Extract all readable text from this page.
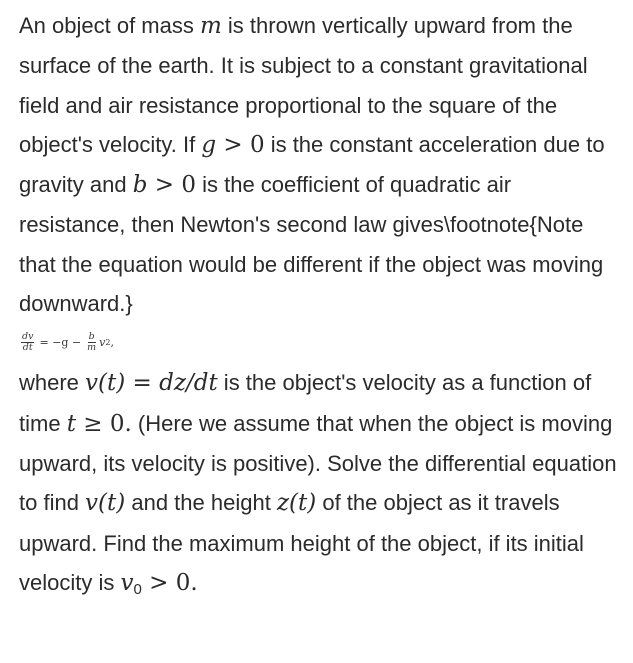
An object of mass m is thrown vertically upward from the surface of the earth. It is subject to a constant gravitational field and air resistance proportional to the square of the object's velocity. If g > 0 is the constant acceleration due to gravity and b > 0 is the coefficient of quadratic air resistance, then Newton's second law gives\footnote{Note that the equation would be different if the object was moving downward.}

$\frac{dv}{dt} = -g - \frac{b}{m}$ v 2 ,

where v(t) = dz/dt is the object's velocity as a function of time t ≥ 0. (Here we assume that when the object is moving upward, its velocity is positive). Solve the differential equation to find v(t) and the height z(t) of the object as it travels upward. Find the maximum height of the object, if its initial velocity is $v_0 > 0$.
